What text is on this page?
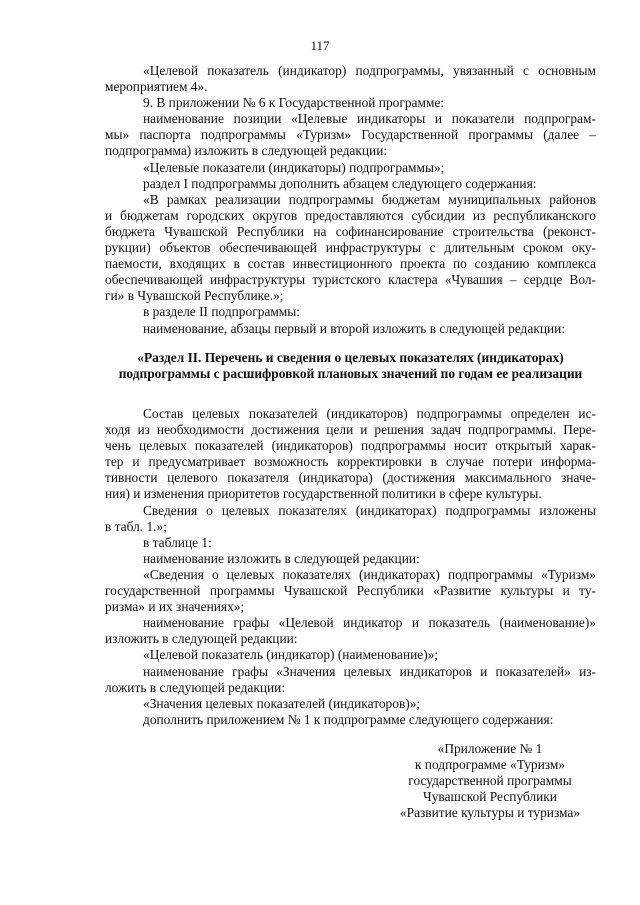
117
«Целевой показатель (индикатор) подпрограммы, увязанный с основным
мероприятием 4».
9. В приложении № 6 к Государственной программе:
наименование позиции «Целевые индикаторы и показатели подпрограм-
мы» паспорта подпрограммы «Туризм» Государственной программы (далее –
подпрограмма) изложить в следующей редакции:
«Целевые показатели (индикаторы) подпрограммы»;
раздел I подпрограммы дополнить абзацем следующего содержания:
«В рамках реализации подпрограммы бюджетам муниципальных районов
и бюджетам городских округов предоставляются субсидии из республиканского
бюджета Чувашской Республики на софинансирование строительства (реконст-
рукции) объектов обеспечивающей инфраструктуры с длительным сроком оку-
паемости, входящих в состав инвестиционного проекта по созданию комплекса
обеспечивающей инфраструктуры туристского кластера «Чувашия – сердце Вол-
ги» в Чувашской Республике.»;
в разделе II подпрограммы:
наименование, абзацы первый и второй изложить в следующей редакции:
«Раздел II. Перечень и сведения о целевых показателях (индикаторах)
подпрограммы с расшифровкой плановых значений по годам ее реализации
Состав целевых показателей (индикаторов) подпрограммы определен ис-
ходя из необходимости достижения цели и решения задач подпрограммы. Пере-
чень целевых показателей (индикаторов) подпрограммы носит открытый харак-
тер и предусматривает возможность корректировки в случае потери информа-
тивности целевого показателя (индикатора) (достижения максимального значе-
ния) и изменения приоритетов государственной политики в сфере культуры.
Сведения о целевых показателях (индикаторах) подпрограммы изложены
в табл. 1.»;
в таблице 1:
наименование изложить в следующей редакции:
«Сведения о целевых показателях (индикаторах) подпрограммы «Туризм»
государственной программы Чувашской Республики «Развитие культуры и ту-
ризма» и их значениях»;
наименование графы «Целевой индикатор и показатель (наименование)»
изложить в следующей редакции:
«Целевой показатель (индикатор) (наименование)»;
наименование графы «Значения целевых индикаторов и показателей» из-
ложить в следующей редакции:
«Значения целевых показателей (индикаторов)»;
дополнить приложением № 1 к подпрограмме следующего содержания:
«Приложение № 1
к подпрограмме «Туризм»
государственной программы
Чувашской Республики
«Развитие культуры и туризма»
